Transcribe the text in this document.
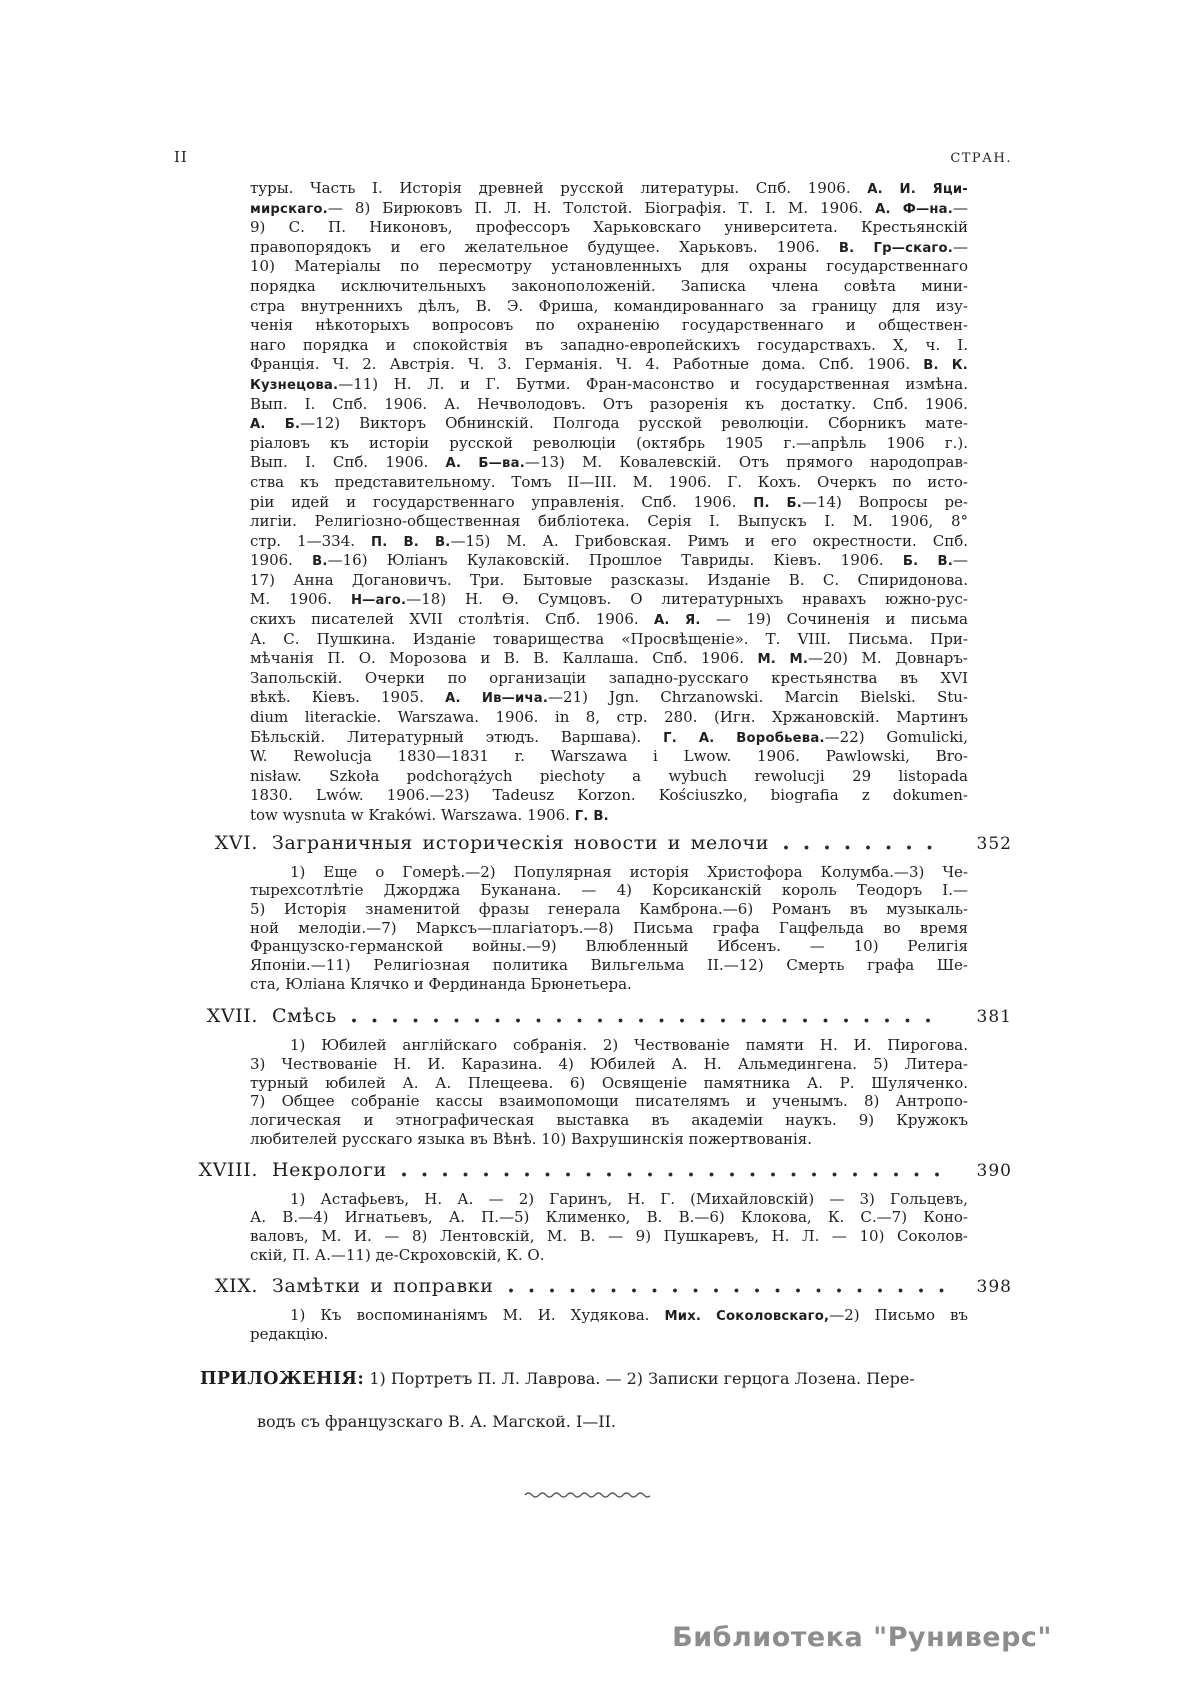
II	СТРАН.
туры. Часть I. Исторія древней русской литературы. Спб. 1906. А. И. Яци-
мирскаго.— 8) Бирюковъ П. Л. Н. Толстой. Біографія. Т. I. М. 1906. А. Ф—на.—
9) С. П. Никоновъ, профессоръ Харьковскаго университета. Крестьянскій
правопорядокъ и его желательное будущее. Харьковъ. 1906. В. Гр—скаго.—
10) Матеріалы по пересмотру установленныхъ для охраны государственнаго
порядка исключительныхъ законоположеній. Записка члена совѣта мини-
стра внутреннихъ дѣлъ, В. Э. Фриша, командированнаго за границу для изу-
ченія нѣкоторыхъ вопросовъ по охраненію государственнаго и обществен-
наго порядка и спокойствія въ западно-европейскихъ государствахъ. X, ч. I.
Франція. Ч. 2. Австрія. Ч. 3. Германія. Ч. 4. Работные дома. Спб. 1906. В. К.
Кузнецова.—11) Н. Л. и Г. Бутми. Фран-масонство и государственная измѣна.
Вып. I. Спб. 1906. А. Нечволодовъ. Отъ разоренія къ достатку. Спб. 1906.
А. Б.—12) Викторъ Обнинскій. Полгода русской революціи. Сборникъ мате-
ріаловъ къ исторіи русской революціи (октябрь 1905 г.—апрѣль 1906 г.).
Вып. I. Спб. 1906. А. Б—ва.—13) М. Ковалевскій. Отъ прямого народоправ-
ства къ представительному. Томъ II—III. М. 1906. Г. Кохъ. Очеркъ по исто-
ріи идей и государственнаго управленія. Спб. 1906. П. Б.—14) Вопросы ре-
лигіи. Религіозно-общественная библіотека. Серія I. Выпускъ I. М. 1906, 8°
стр. 1—334. П. В. В.—15) М. А. Грибовская. Римъ и его окрестности. Спб.
1906. В.—16) Юліанъ Кулаковскій. Прошлое Тавриды. Кіевъ. 1906. Б. В.—
17) Анна Догановичъ. Три. Бытовые разсказы. Изданіе В. С. Спиридонова.
М. 1906. Н—аго.—18) Н. Ѳ. Сумцовъ. О литературныхъ нравахъ южно-рус-
скихъ писателей XVII столѣтія. Спб. 1906. А. Я. — 19) Сочиненія и письма
А. С. Пушкина. Изданіе товарищества «Просвѣщеніе». Т. VIII. Письма. При-
мѣчанія П. О. Морозова и В. В. Каллаша. Спб. 1906. М. М.—20) М. Довнаръ-
Запольскій. Очерки по организаціи западно-русскаго крестьянства въ XVI
вѣкѣ. Кіевъ. 1905. А. Ив—ича.—21) Jgn. Chrzanowski. Marcin Bielski. Stu-
dium literackie. Warszawa. 1906. in 8, стр. 280. (Игн. Хржановскій. Мартинъ
Бѣльскій. Литературный этюдъ. Варшава). Г. А. Воробьева.—22) Gomulicki,
W. Rewolucja 1830—1831 r. Warszawa i Lwow. 1906. Pawlowski, Bro-
nisław. Szkoła podchorążych piechoty a wybuch rewolucji 29 listopada
1830. Lwów. 1906.—23) Tadeusz Korzon. Kościuszko, biografia z dokumen-
tow wysnuta w Krakówi. Warszawa. 1906. Г. В.
XVI. Заграничныя историческія новости и мелочи	352
1) Еще о Гомерѣ.—2) Популярная исторія Христофора Колумба.—3) Че-
тырехсотлѣтіе Джорджа Буканана. — 4) Корсиканскій король Теодоръ I.—
5) Исторія знаменитой фразы генерала Камброна.—6) Романъ въ музыкаль-
ной мелодіи.—7) Марксъ—плагіаторъ.—8) Письма графа Гацфельда во время
Французско-германской войны.—9) Влюбленный Ибсенъ. — 10) Религія
Японіи.—11) Религіозная политика Вильгельма II.—12) Смерть графа Ше-
ста, Юліана Клячко и Фердинанда Брюнетьера.
XVII. Смѣсь	381
1) Юбилей англійскаго собранія. 2) Чествованіе памяти Н. И. Пирогова.
3) Чествованіе Н. И. Каразина. 4) Юбилей А. Н. Альмедингена. 5) Литера-
турный юбилей А. А. Плещеева. 6) Освященіе памятника А. Р. Шуляченко.
7) Общее собраніе кассы взаимопомощи писателямъ и ученымъ. 8) Антропо-
логическая и этнографическая выставка въ академіи наукъ. 9) Кружокъ
любителей русскаго языка въ Вѣнѣ. 10) Вахрушинскія пожертвованія.
XVIII. Некрологи	390
1) Астафьевъ, Н. А. — 2) Гаринъ, Н. Г. (Михайловскій) — 3) Гольцевъ,
А. В.—4) Игнатьевъ, А. П.—5) Клименко, В. В.—6) Клокова, К. С.—7) Коно-
валовъ, М. И. — 8) Лентовскій, М. В. — 9) Пушкаревъ, Н. Л. — 10) Соколов-
скій, П. А.—11) де-Скроховскій, К. О.
XIX. Замѣтки и поправки	398
1) Къ воспоминаніямъ М. И. Худякова. Мих. Соколовскаго,—2) Письмо въ
редакцію.
ПРИЛОЖЕНІЯ: 1) Портретъ П. Л. Лаврова. — 2) Записки герцога Лозена. Пере-
водъ съ французскаго В. А. Магской. I—II.
Библиотека "Руниверс"
